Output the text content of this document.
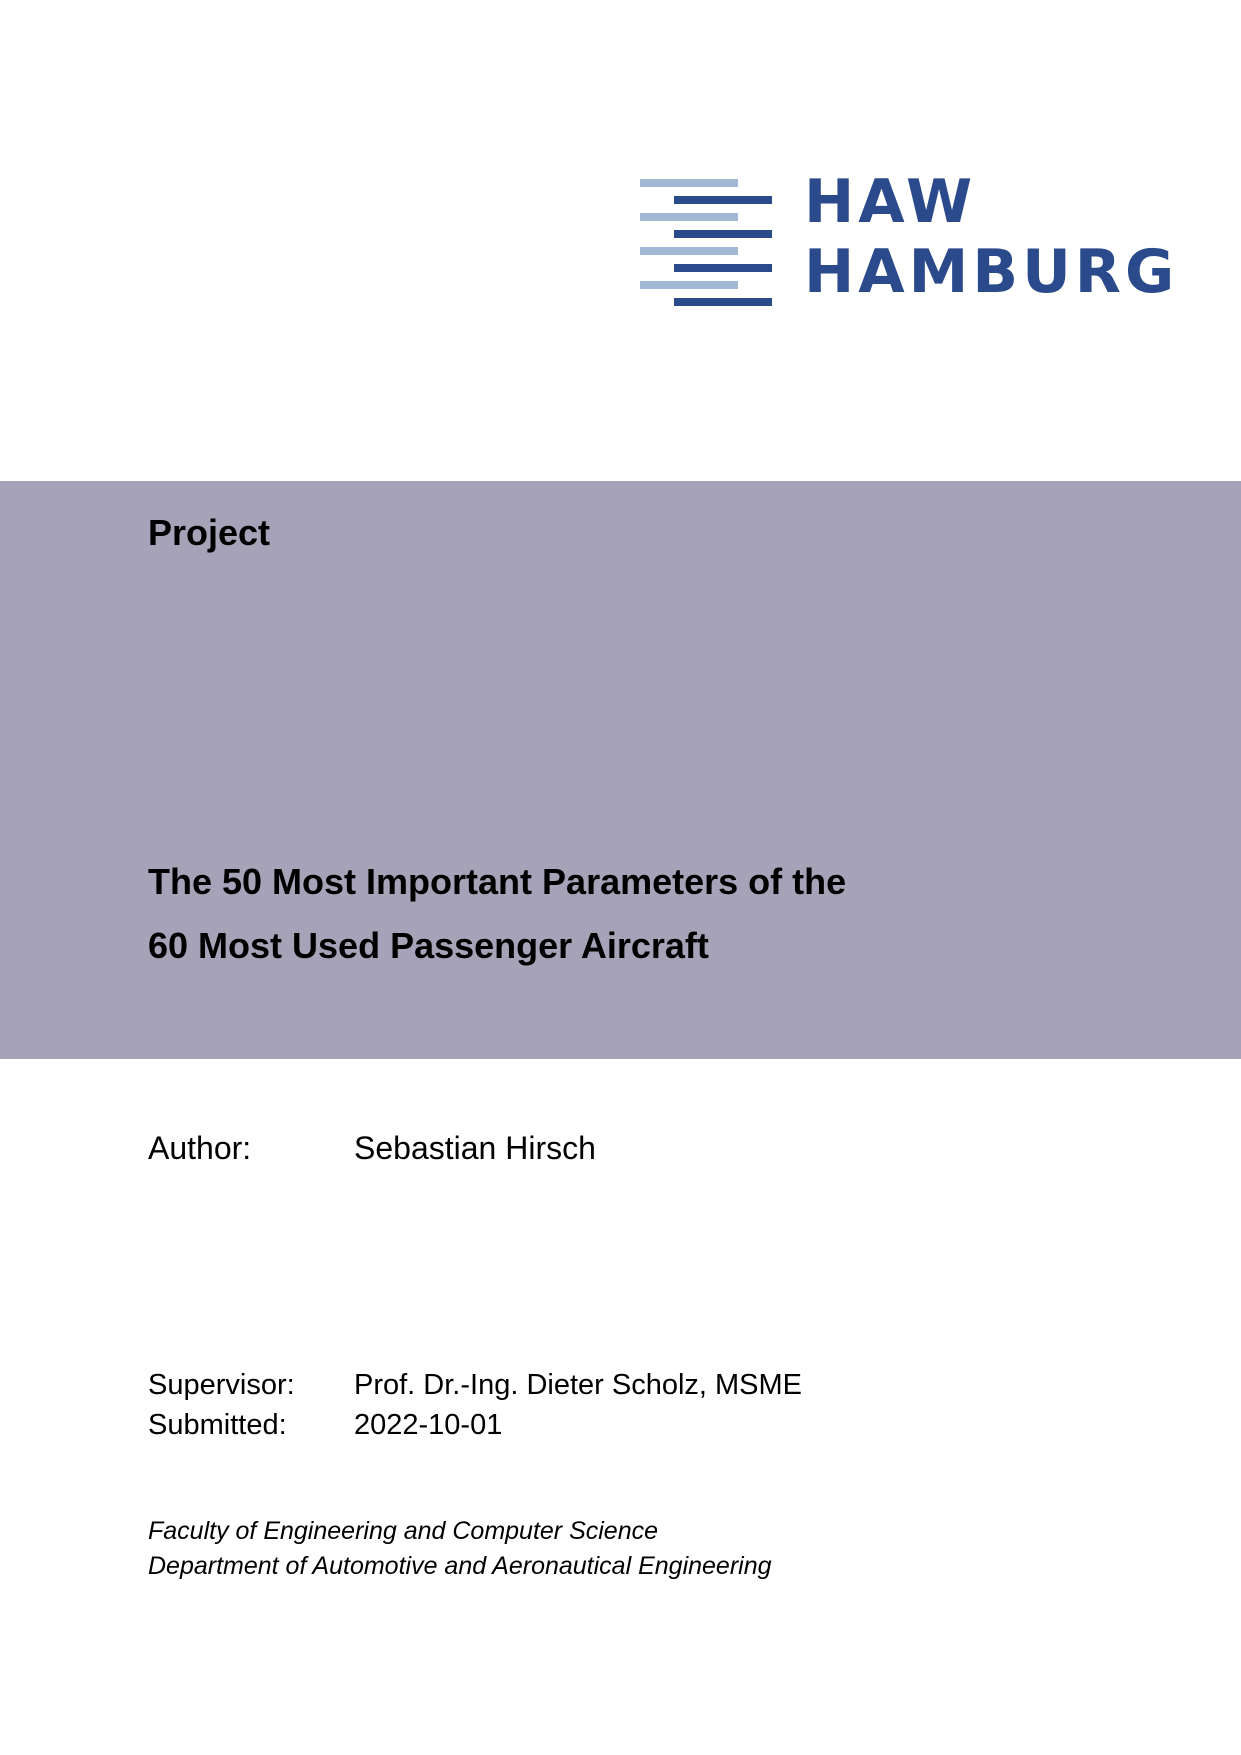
HAW
HAMBURG
Project
The 50 Most Important Parameters of the
60 Most Used Passenger Aircraft
Author:	Sebastian Hirsch
Supervisor: Prof. Dr.-Ing. Dieter Scholz, MSME
Submitted: 2022-10-01
Faculty of Engineering and Computer Science
Department of Automotive and Aeronautical Engineering
